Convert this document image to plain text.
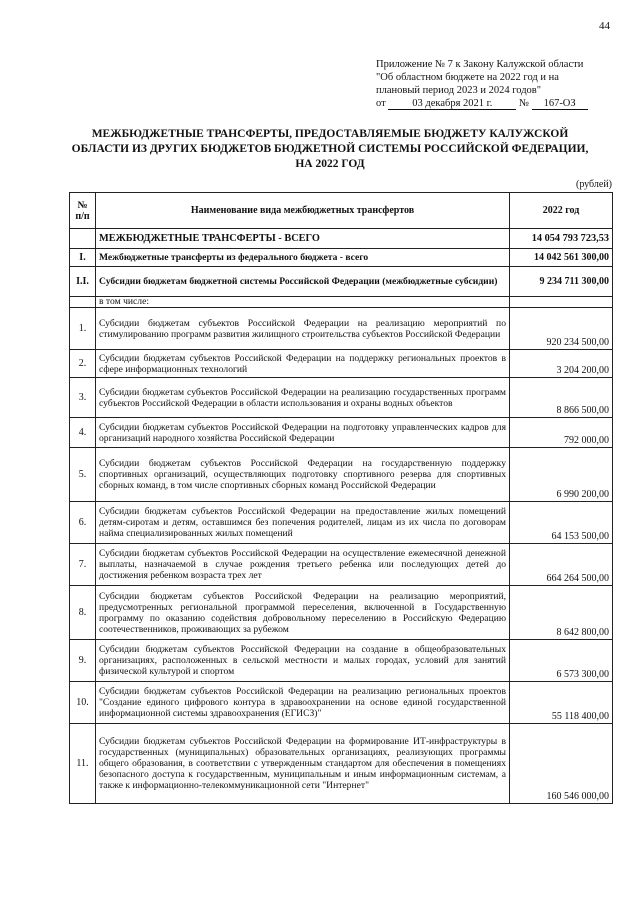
44
Приложение № 7 к Закону Калужской области
"Об областном бюджете на 2022 год и на
плановый период 2023 и 2024 годов"
от	03 декабря 2021 г.	№ 167-ОЗ
МЕЖБЮДЖЕТНЫЕ ТРАНСФЕРТЫ, ПРЕДОСТАВЛЯЕМЫЕ БЮДЖЕТУ КАЛУЖСКОЙ
ОБЛАСТИ ИЗ ДРУГИХ БЮДЖЕТОВ БЮДЖЕТНОЙ СИСТЕМЫ РОССИЙСКОЙ ФЕДЕРАЦИИ,
НА 2022 ГОД
(рублей)
№ п/п	Наименование вида межбюджетных трансфертов	2022 год
	МЕЖБЮДЖЕТНЫЕ ТРАНСФЕРТЫ - ВСЕГО	14 054 793 723,53
I.	Межбюджетные трансферты из федерального бюджета - всего	14 042 561 300,00
I.I.	Субсидии бюджетам бюджетной системы Российской Федерации (межбюджетные субсидии)	9 234 711 300,00
	в том числе:	
1.	Субсидии бюджетам субъектов Российской Федерации на реализацию мероприятий по стимулированию программ развития жилищного строительства субъектов Российской Федерации	920 234 500,00
2.	Субсидии бюджетам субъектов Российской Федерации на поддержку региональных проектов в сфере информационных технологий	3 204 200,00
3.	Субсидии бюджетам субъектов Российской Федерации на реализацию государственных программ субъектов Российской Федерации в области использования и охраны водных объектов	8 866 500,00
4.	Субсидии бюджетам субъектов Российской Федерации на подготовку управленческих кадров для организаций народного хозяйства Российской Федерации	792 000,00
5.	Субсидии бюджетам субъектов Российской Федерации на государственную поддержку спортивных организаций, осуществляющих подготовку спортивного резерва для спортивных сборных команд, в том числе спортивных сборных команд Российской Федерации	6 990 200,00
6.	Субсидии бюджетам субъектов Российской Федерации на предоставление жилых помещений детям-сиротам и детям, оставшимся без попечения родителей, лицам из их числа по договорам найма специализированных жилых помещений	64 153 500,00
7.	Субсидии бюджетам субъектов Российской Федерации на осуществление ежемесячной денежной выплаты, назначаемой в случае рождения третьего ребенка или последующих детей до достижения ребенком возраста трех лет	664 264 500,00
8.	Субсидии бюджетам субъектов Российской Федерации на реализацию мероприятий, предусмотренных региональной программой переселения, включенной в Государственную программу по оказанию содействия добровольному переселению в Российскую Федерацию соотечественников, проживающих за рубежом	8 642 800,00
9.	Субсидии бюджетам субъектов Российской Федерации на создание в общеобразовательных организациях, расположенных в сельской местности и малых городах, условий для занятий физической культурой и спортом	6 573 300,00
10.	Субсидии бюджетам субъектов Российской Федерации на реализацию региональных проектов "Создание единого цифрового контура в здравоохранении на основе единой государственной информационной системы здравоохранения (ЕГИСЗ)"	55 118 400,00
11.	Субсидии бюджетам субъектов Российской Федерации на формирование ИТ-инфраструктуры в государственных (муниципальных) образовательных организациях, реализующих программы общего образования, в соответствии с утвержденным стандартом для обеспечения в помещениях безопасного доступа к государственным, муниципальным и иным информационным системам, а также к информационно-телекоммуникационной сети "Интернет"	160 546 000,00
